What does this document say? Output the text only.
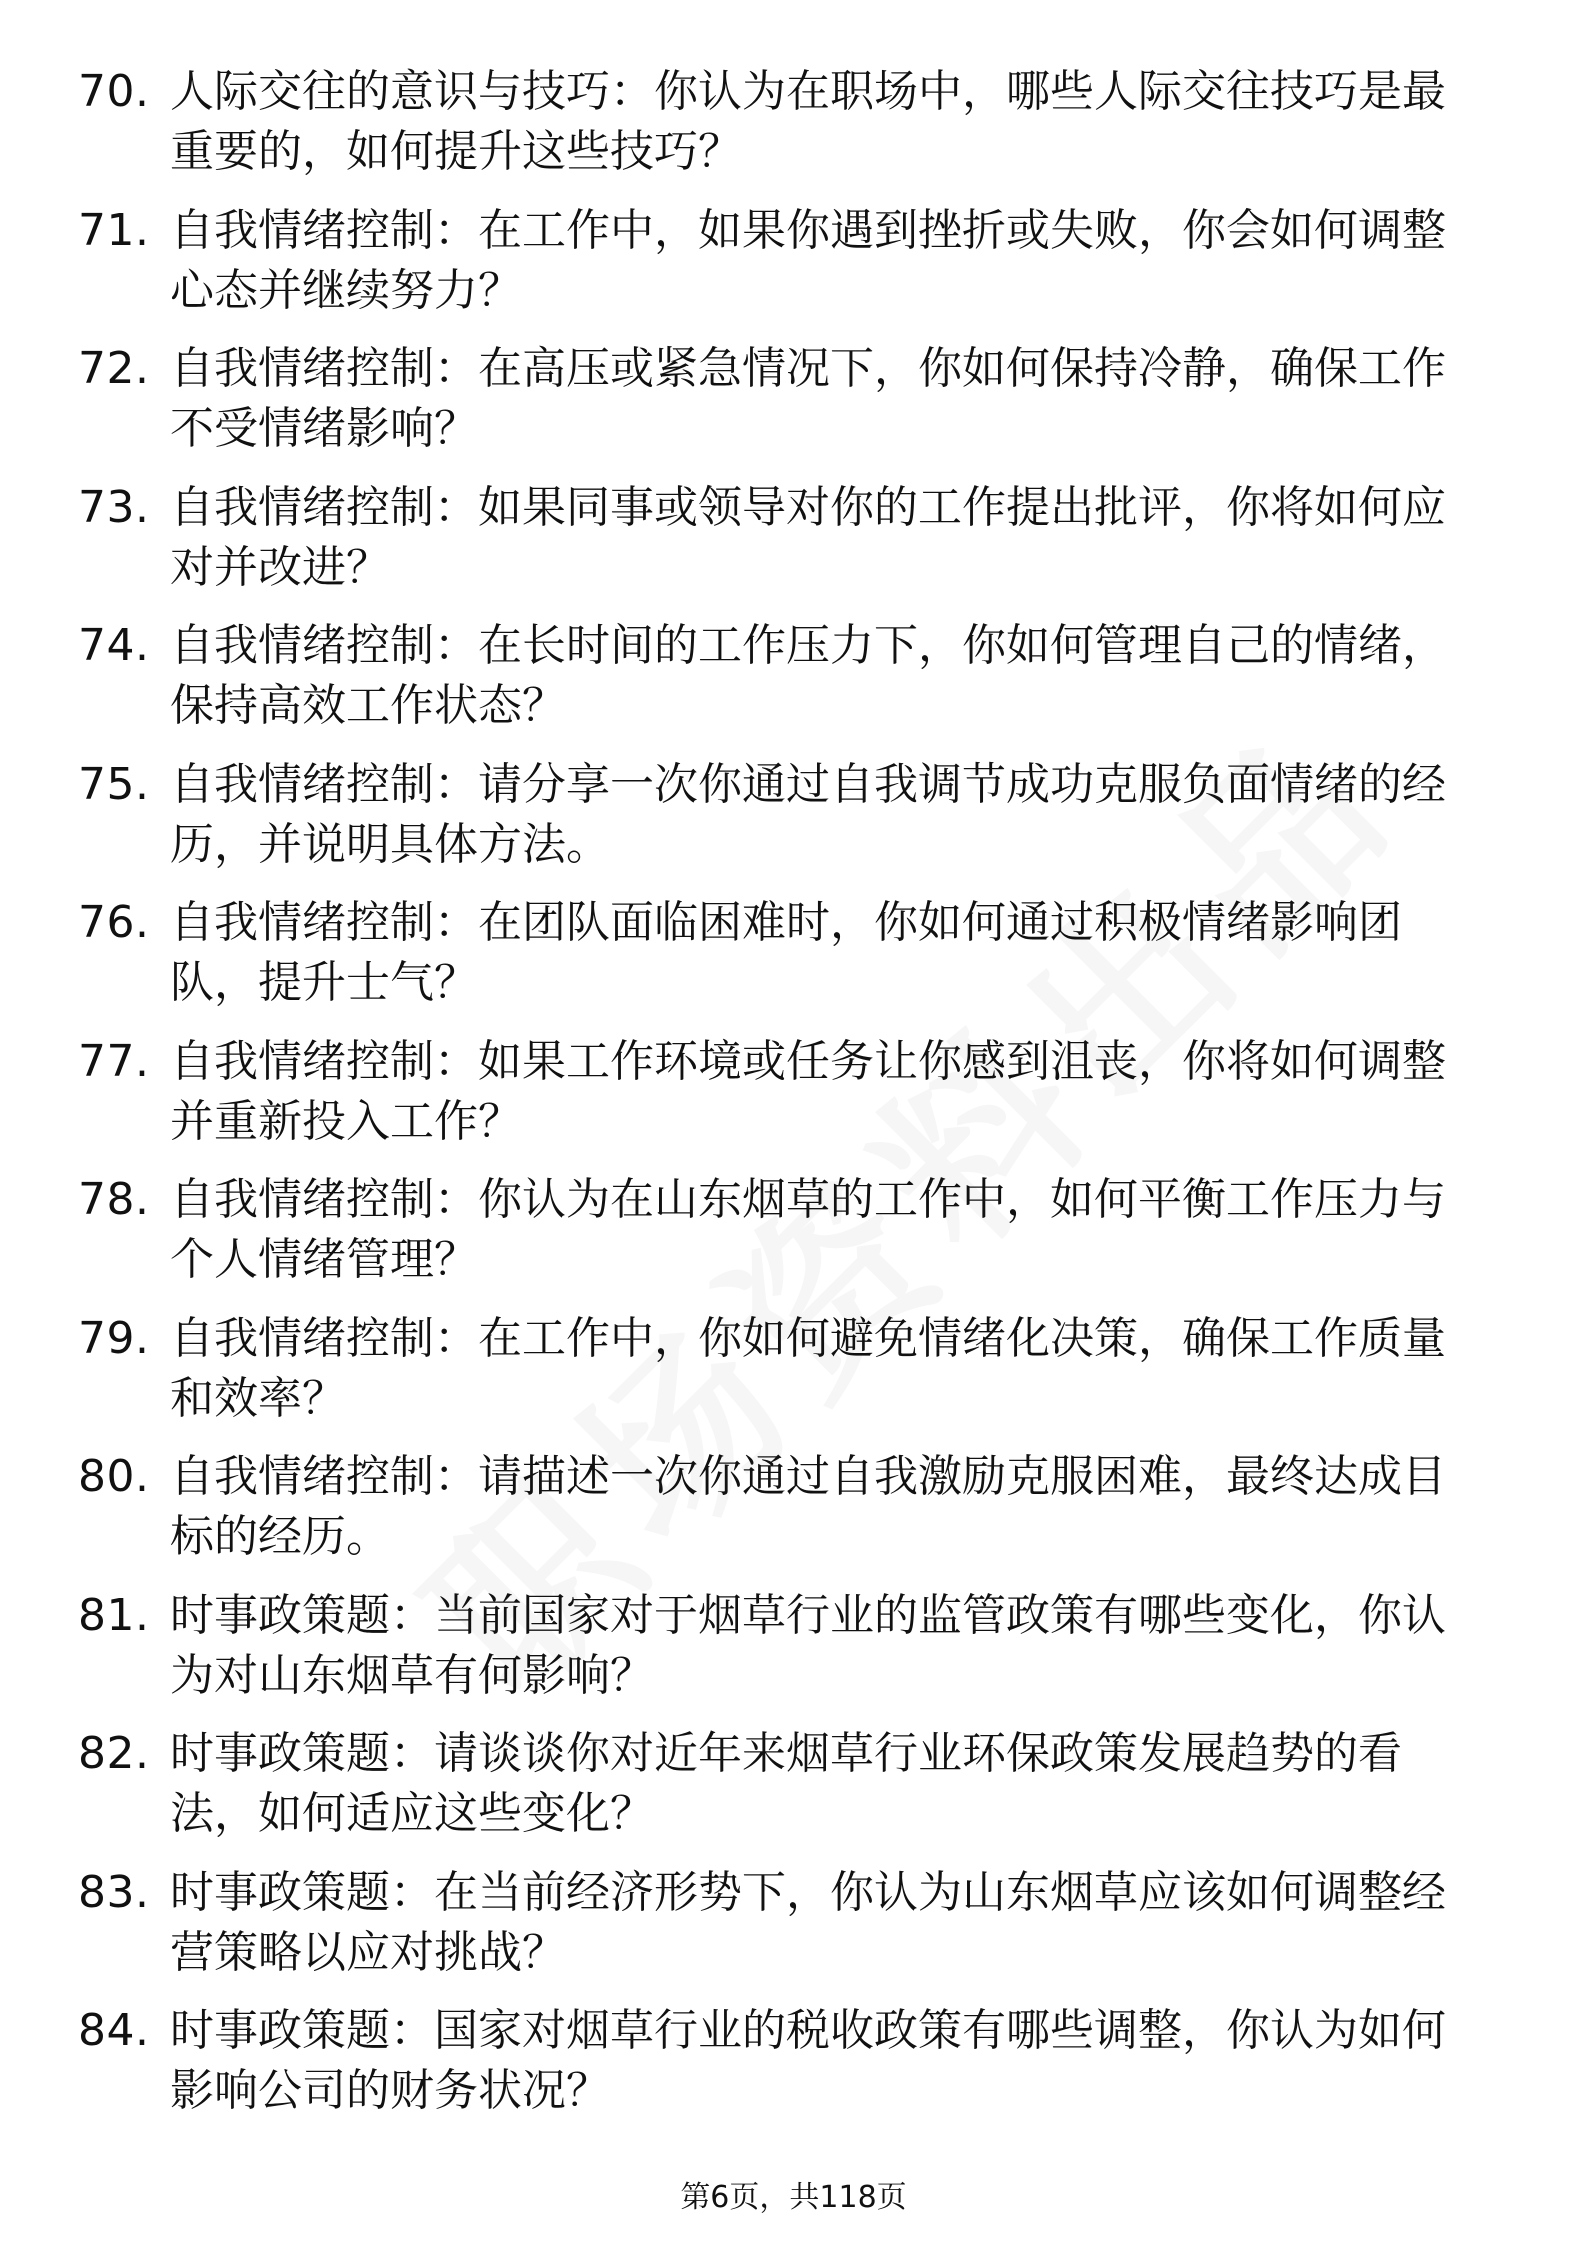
70. 人际交往的意识与技巧：你认为在职场中，哪些人际交往技巧是最重要的，如何提升这些技巧？
71. 自我情绪控制：在工作中，如果你遇到挫折或失败，你会如何调整心态并继续努力？
72. 自我情绪控制：在高压或紧急情况下，你如何保持冷静，确保工作不受情绪影响？
73. 自我情绪控制：如果同事或领导对你的工作提出批评，你将如何应对并改进？
74. 自我情绪控制：在长时间的工作压力下，你如何管理自己的情绪，保持高效工作状态？
75. 自我情绪控制：请分享一次你通过自我调节成功克服负面情绪的经历，并说明具体方法。
76. 自我情绪控制：在团队面临困难时，你如何通过积极情绪影响团队，提升士气？
77. 自我情绪控制：如果工作环境或任务让你感到沮丧，你将如何调整并重新投入工作？
78. 自我情绪控制：你认为在山东烟草的工作中，如何平衡工作压力与个人情绪管理？
79. 自我情绪控制：在工作中，你如何避免情绪化决策，确保工作质量和效率？
80. 自我情绪控制：请描述一次你通过自我激励克服困难，最终达成目标的经历。
81. 时事政策题：当前国家对于烟草行业的监管政策有哪些变化，你认为对山东烟草有何影响？
82. 时事政策题：请谈谈你对近年来烟草行业环保政策发展趋势的看法，如何适应这些变化？
83. 时事政策题：在当前经济形势下，你认为山东烟草应该如何调整经营策略以应对挑战？
84. 时事政策题：国家对烟草行业的税收政策有哪些调整，你认为如何影响公司的财务状况？
第6页，共118页
